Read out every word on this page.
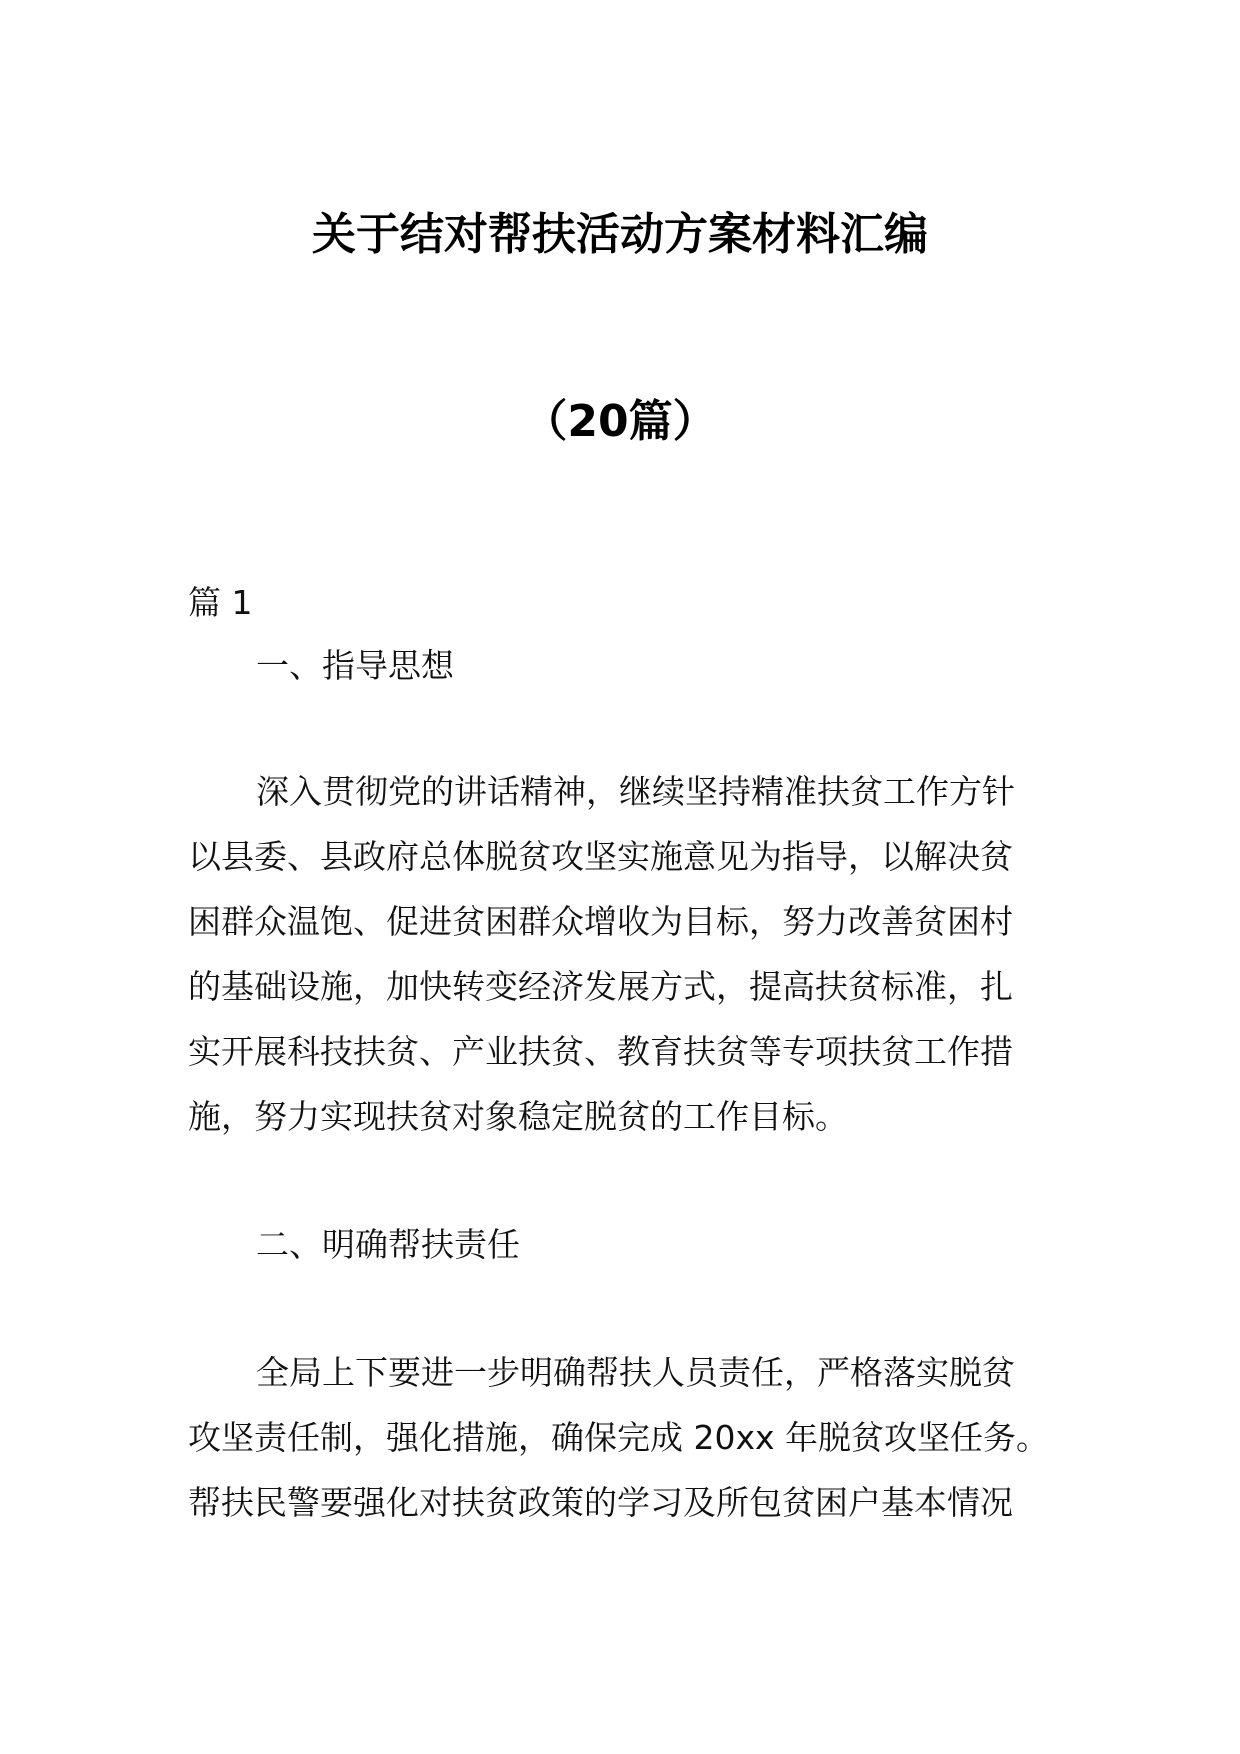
关于结对帮扶活动方案材料汇编
（20篇）
篇 1
一、指导思想
深入贯彻党的讲话精神，继续坚持精准扶贫工作方针
以县委、县政府总体脱贫攻坚实施意见为指导，以解决贫
困群众温饱、促进贫困群众增收为目标，努力改善贫困村
的基础设施，加快转变经济发展方式，提高扶贫标准，扎
实开展科技扶贫、产业扶贫、教育扶贫等专项扶贫工作措
施，努力实现扶贫对象稳定脱贫的工作目标。
二、明确帮扶责任
全局上下要进一步明确帮扶人员责任，严格落实脱贫
攻坚责任制，强化措施，确保完成 20xx 年脱贫攻坚任务。
帮扶民警要强化对扶贫政策的学习及所包贫困户基本情况
